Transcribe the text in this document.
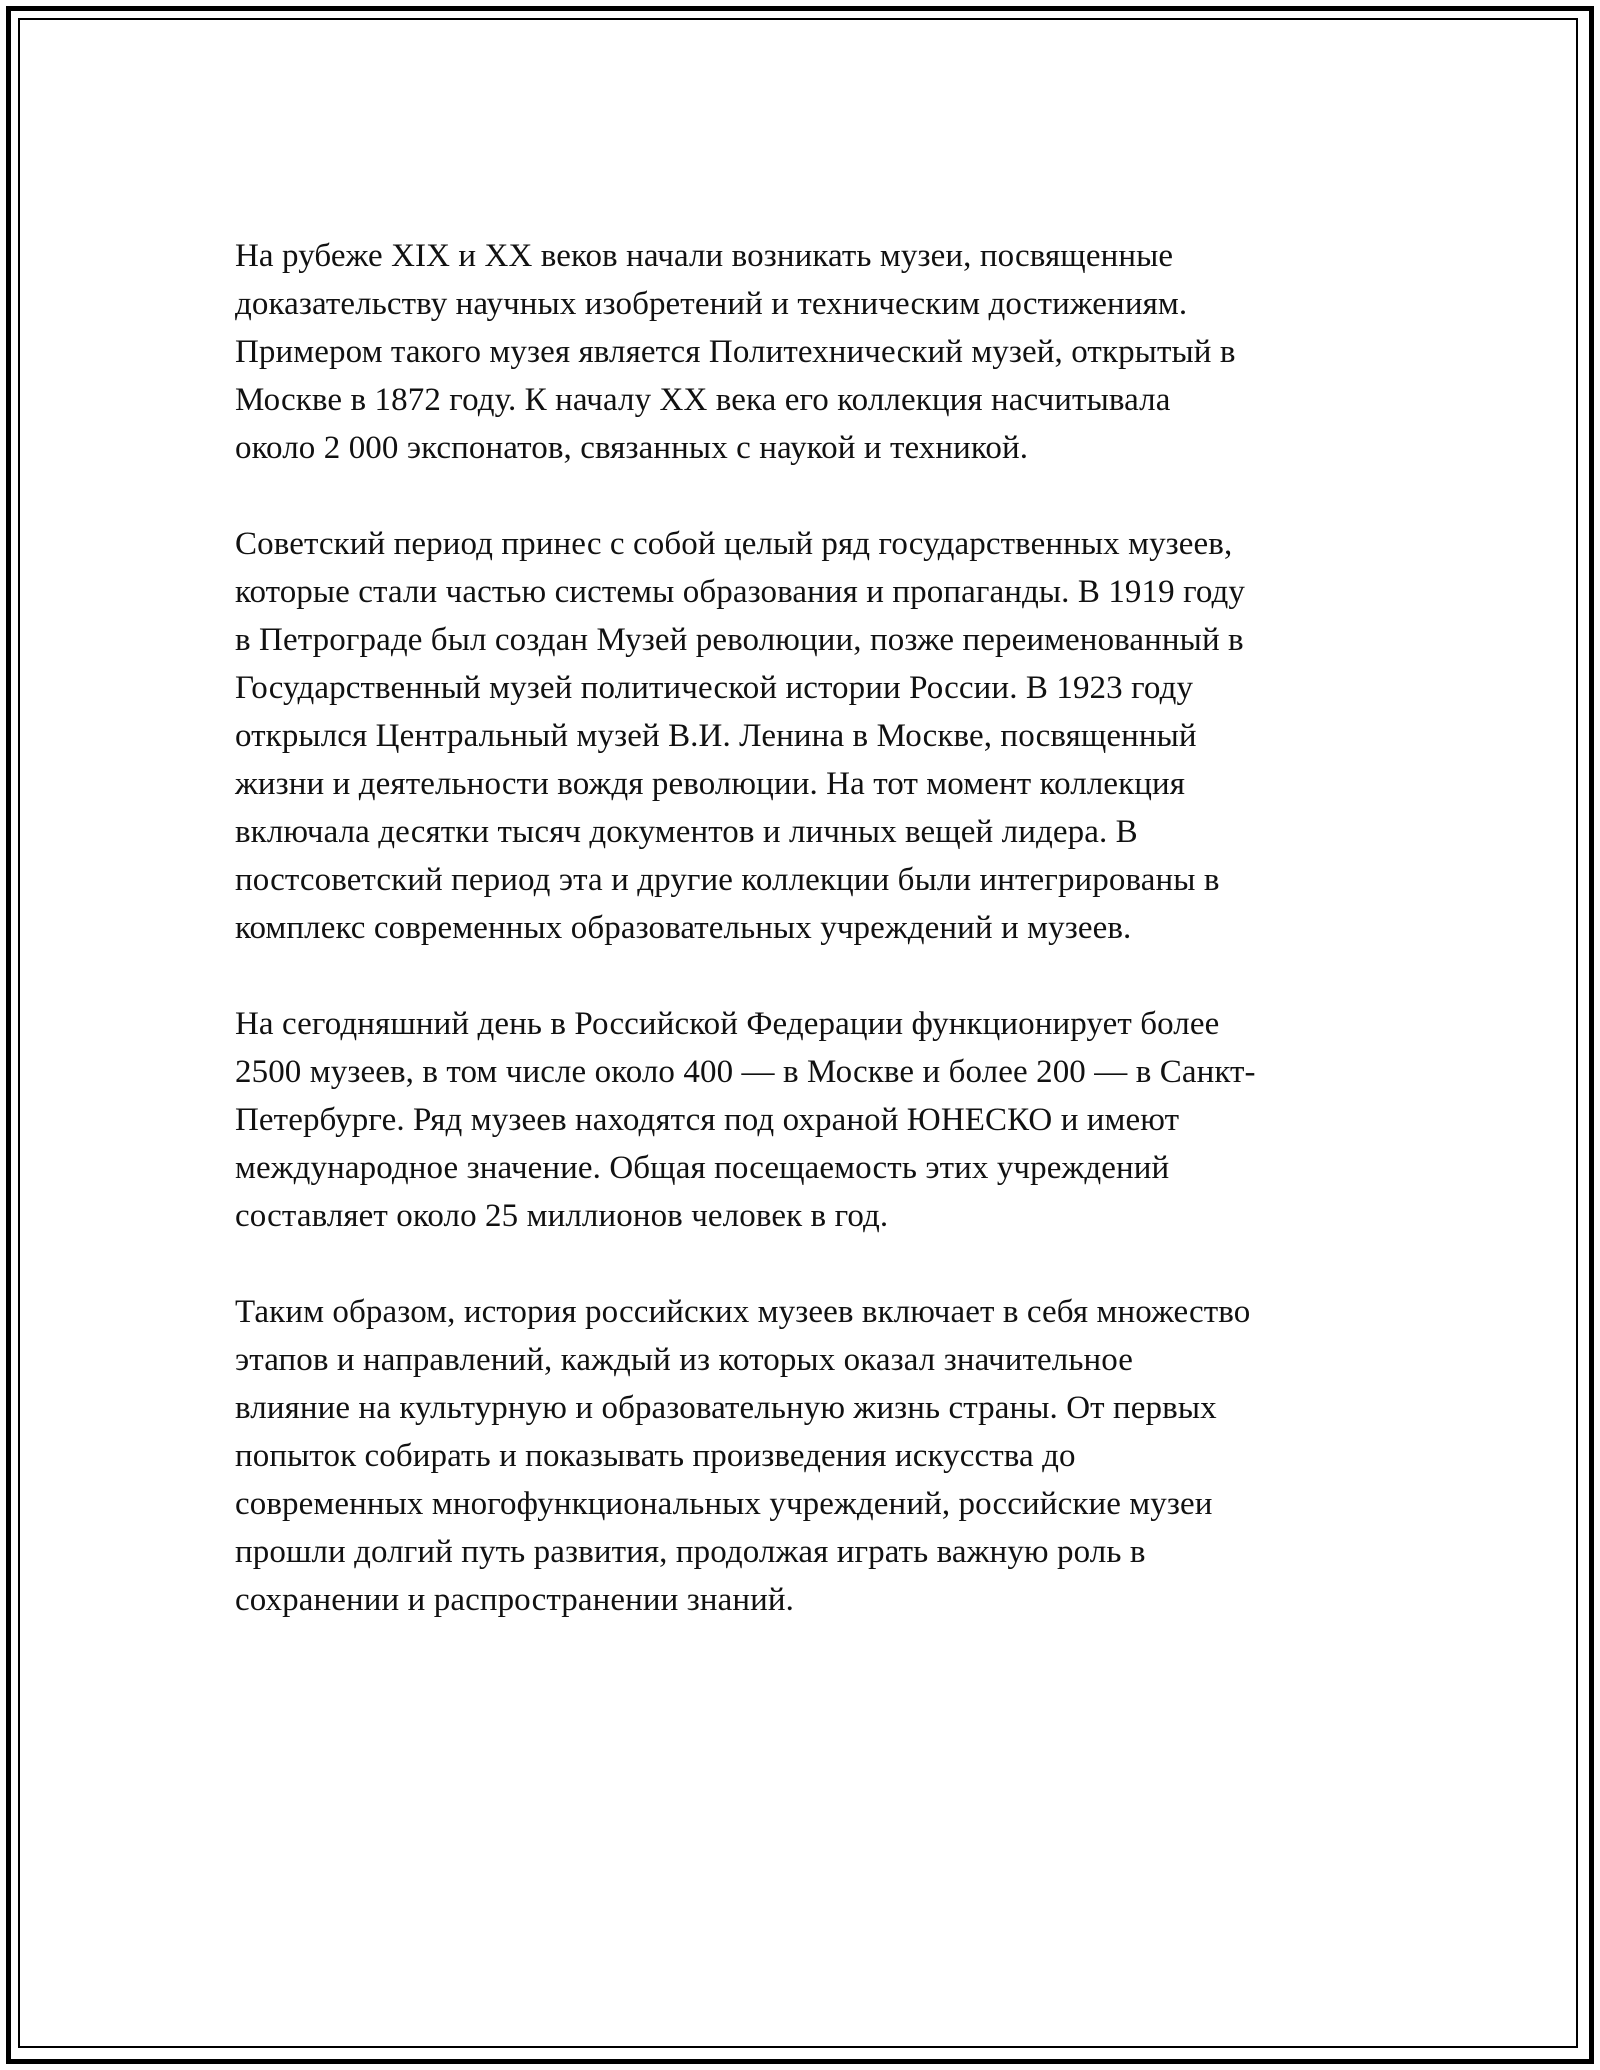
На рубеже XIX и XX веков начали возникать музеи, посвященные
доказательству научных изобретений и техническим достижениям.
Примером такого музея является Политехнический музей, открытый в
Москве в 1872 году. К началу XX века его коллекция насчитывала
около 2 000 экспонатов, связанных с наукой и техникой.

Советский период принес с собой целый ряд государственных музеев,
которые стали частью системы образования и пропаганды. В 1919 году
в Петрограде был создан Музей революции, позже переименованный в
Государственный музей политической истории России. В 1923 году
открылся Центральный музей В.И. Ленина в Москве, посвященный
жизни и деятельности вождя революции. На тот момент коллекция
включала десятки тысяч документов и личных вещей лидера. В
постсоветский период эта и другие коллекции были интегрированы в
комплекс современных образовательных учреждений и музеев.

На сегодняшний день в Российской Федерации функционирует более
2500 музеев, в том числе около 400 — в Москве и более 200 — в Санкт-
Петербурге. Ряд музеев находятся под охраной ЮНЕСКО и имеют
международное значение. Общая посещаемость этих учреждений
составляет около 25 миллионов человек в год.

Таким образом, история российских музеев включает в себя множество
этапов и направлений, каждый из которых оказал значительное
влияние на культурную и образовательную жизнь страны. От первых
попыток собирать и показывать произведения искусства до
современных многофункциональных учреждений, российские музеи
прошли долгий путь развития, продолжая играть важную роль в
сохранении и распространении знаний.
